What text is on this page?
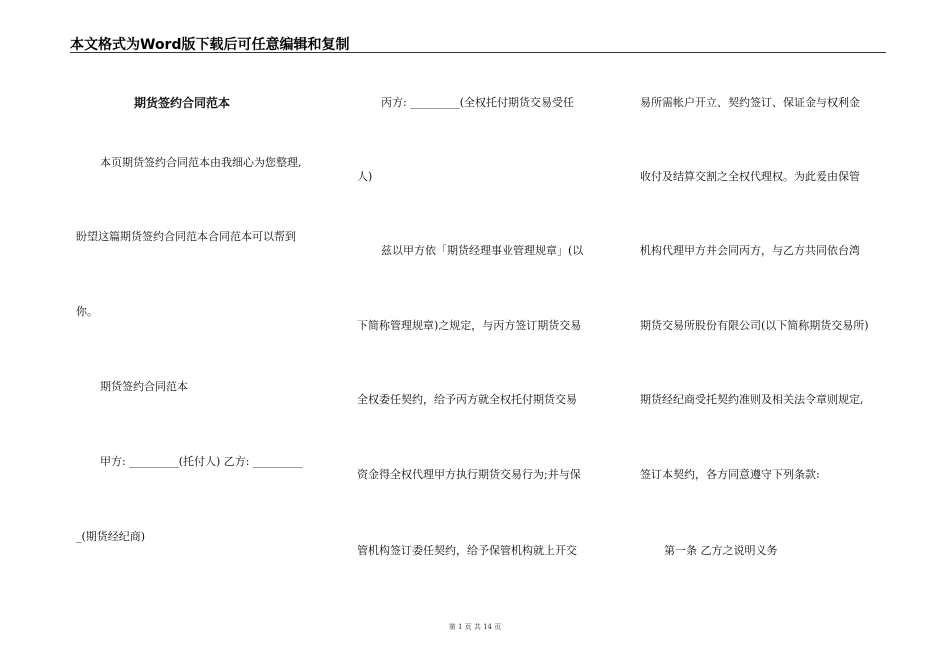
本文格式为Word版下载后可任意编辑和复制
期货签约合同范本
本页期货签约合同范本由我细心为您整理,
盼望这篇期货签约合同范本合同范本可以帮到
你。
期货签约合同范本
甲方: _________(托付人) 乙方: _________
_(期货经纪商)
丙方: _________(全权托付期货交易受任
人)
兹以甲方依「期货经理事业管理规章」(以
下简称管理规章)之规定，与丙方签订期货交易
全权委任契约，给予丙方就全权托付期货交易
资金得全权代理甲方执行期货交易行为;并与保
管机构签订委任契约，给予保管机构就上开交
易所需帐户开立、契约签订、保证金与权利金
收付及结算交割之全权代理权。为此爰由保管
机构代理甲方并会同丙方，与乙方共同依台湾
期货交易所股份有限公司(以下简称期货交易所)
期货经纪商受托契约准则及相关法令章则规定,
签订本契约，各方同意遵守下列条款:
第一条 乙方之说明义务
第 1 页 共 14 页
